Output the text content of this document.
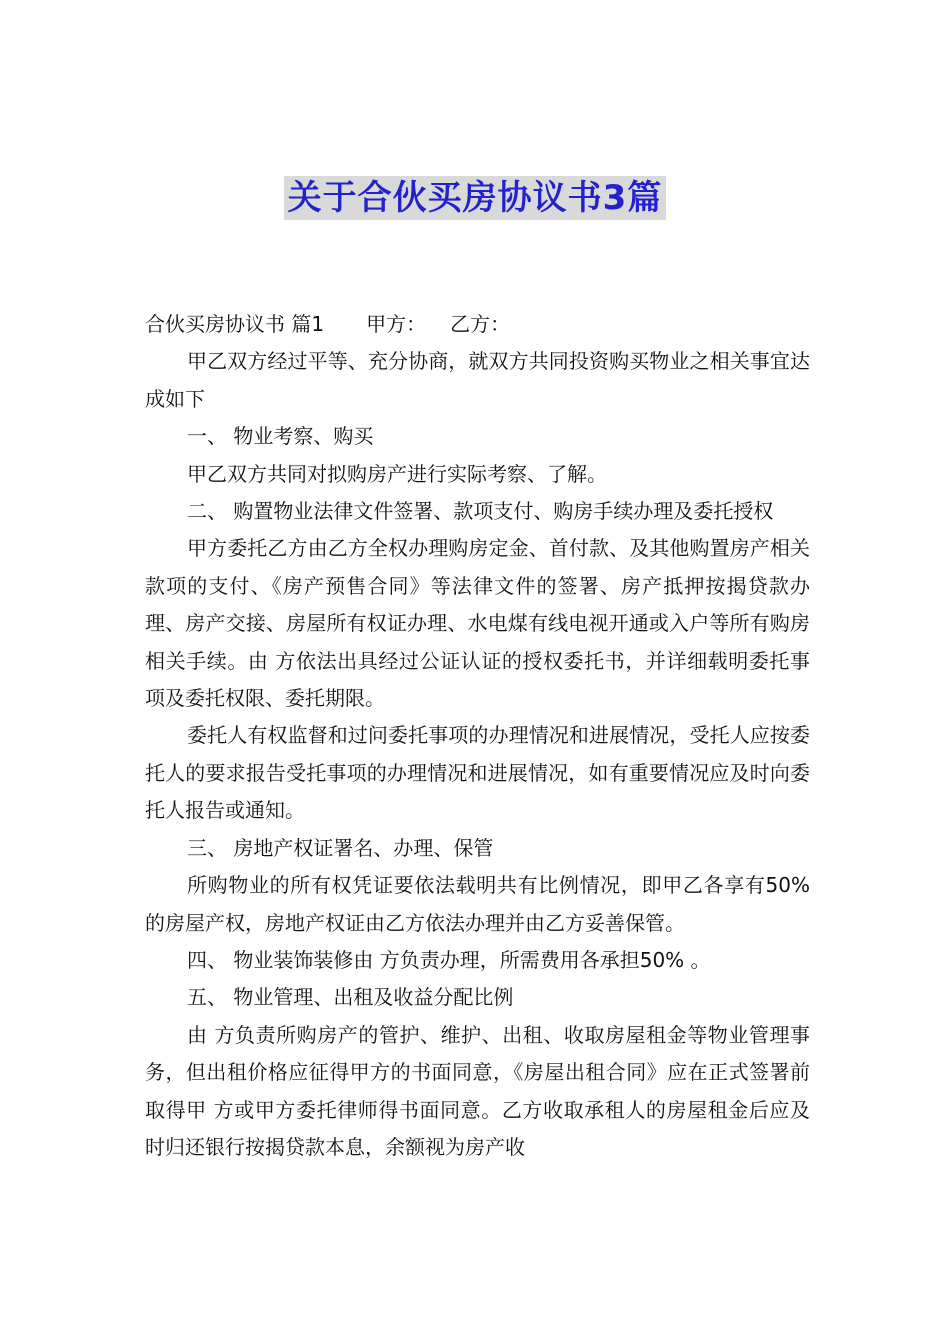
关于合伙买房协议书3篇

合伙买房协议书 篇1 甲方： 乙方：

甲乙双方经过平等、充分协商，就双方共同投资购买物业之相关事宜达成如下

一、 物业考察、购买

甲乙双方共同对拟购房产进行实际考察、了解。

二、 购置物业法律文件签署、款项支付、购房手续办理及委托授权

甲方委托乙方由乙方全权办理购房定金、首付款、及其他购置房产相关款项的支付、《房产预售合同》等法律文件的签署、房产抵押按揭贷款办理、房产交接、房屋所有权证办理、水电煤有线电视开通或入户等所有购房相关手续。由 方依法出具经过公证认证的授权委托书，并详细载明委托事项及委托权限、委托期限。

委托人有权监督和过问委托事项的办理情况和进展情况，受托人应按委托人的要求报告受托事项的办理情况和进展情况，如有重要情况应及时向委托人报告或通知。

三、 房地产权证署名、办理、保管

所购物业的所有权凭证要依法载明共有比例情况，即甲乙各享有50%的房屋产权，房地产权证由乙方依法办理并由乙方妥善保管。

四、 物业装饰装修由 方负责办理，所需费用各承担50% 。

五、 物业管理、出租及收益分配比例

由 方负责所购房产的管护、维护、出租、收取房屋租金等物业管理事务，但出租价格应征得甲方的书面同意，《房屋出租合同》应在正式签署前取得甲 方或甲方委托律师得书面同意。乙方收取承租人的房屋租金后应及时归还银行按揭贷款本息，余额视为房产收
